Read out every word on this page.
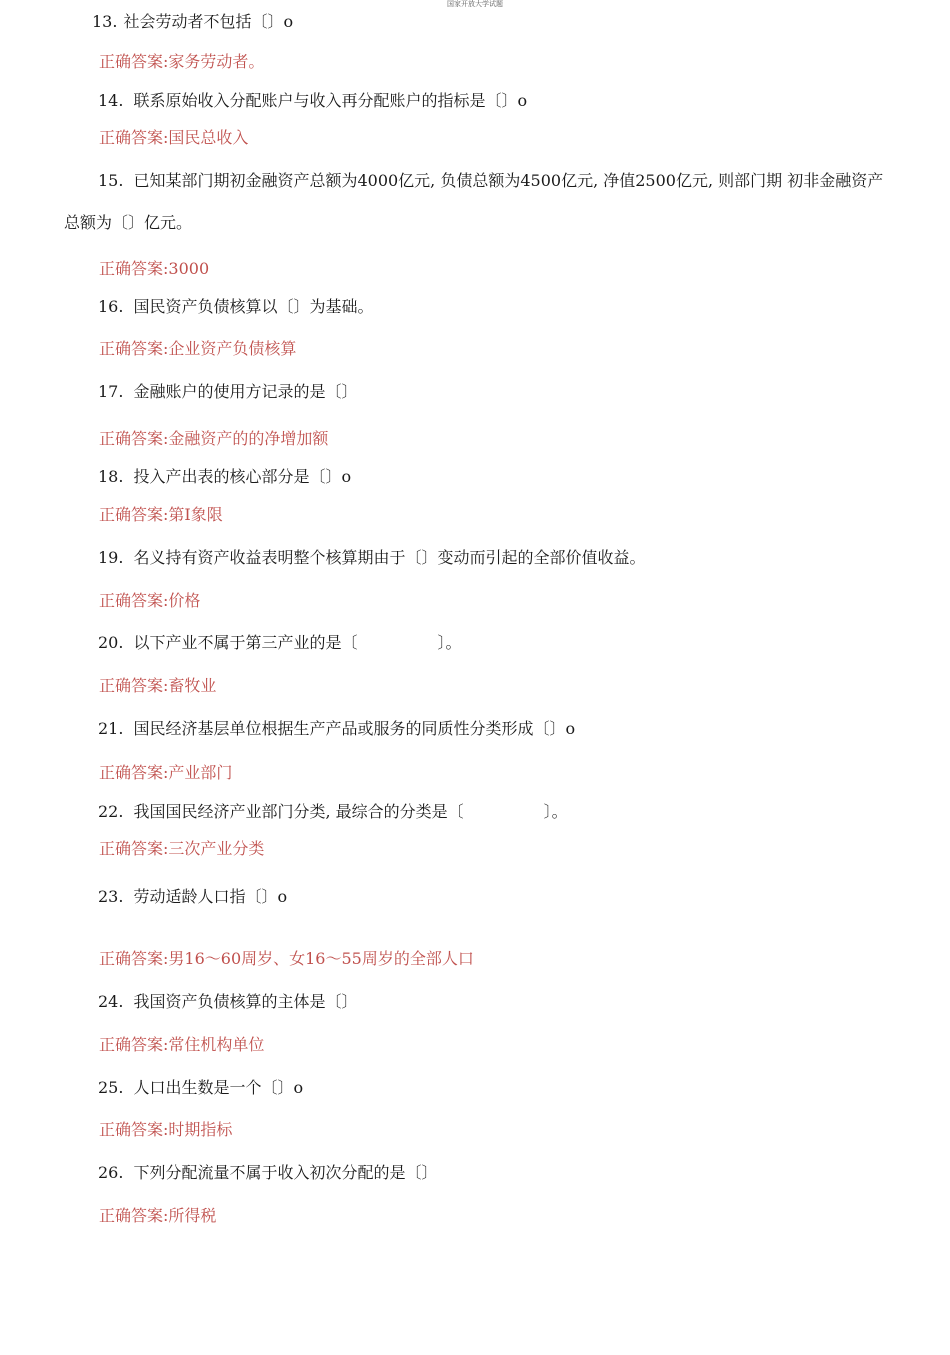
国家开放大学试题
13. 社会劳动者不包括〔〕o
正确答案:家务劳动者。
14. 联系原始收入分配账户与收入再分配账户的指标是〔〕o
正确答案:国民总收入
15. 已知某部门期初金融资产总额为4000亿元, 负债总额为4500亿元, 净值2500亿元, 则部门期 初非金融资产总额为〔〕亿元。
正确答案:3000
16. 国民资产负债核算以〔〕为基础。
正确答案:企业资产负债核算
17. 金融账户的使用方记录的是〔〕
正确答案:金融资产的的净增加额
18. 投入产出表的核心部分是〔〕o
正确答案:第I象限
19. 名义持有资产收益表明整个核算期由于〔〕变动而引起的全部价值收益。
正确答案:价格
20. 以下产业不属于第三产业的是〔　　　　　〕。
正确答案:畜牧业
21. 国民经济基层单位根据生产产品或服务的同质性分类形成〔〕o
正确答案:产业部门
22. 我国国民经济产业部门分类, 最综合的分类是〔　　　　　〕。
正确答案:三次产业分类
23. 劳动适龄人口指〔〕o
正确答案:男16〜60周岁、女16〜55周岁的全部人口
24. 我国资产负债核算的主体是〔〕
正确答案:常住机构单位
25. 人口出生数是一个〔〕o
正确答案:时期指标
26. 下列分配流量不属于收入初次分配的是〔〕
正确答案:所得税
